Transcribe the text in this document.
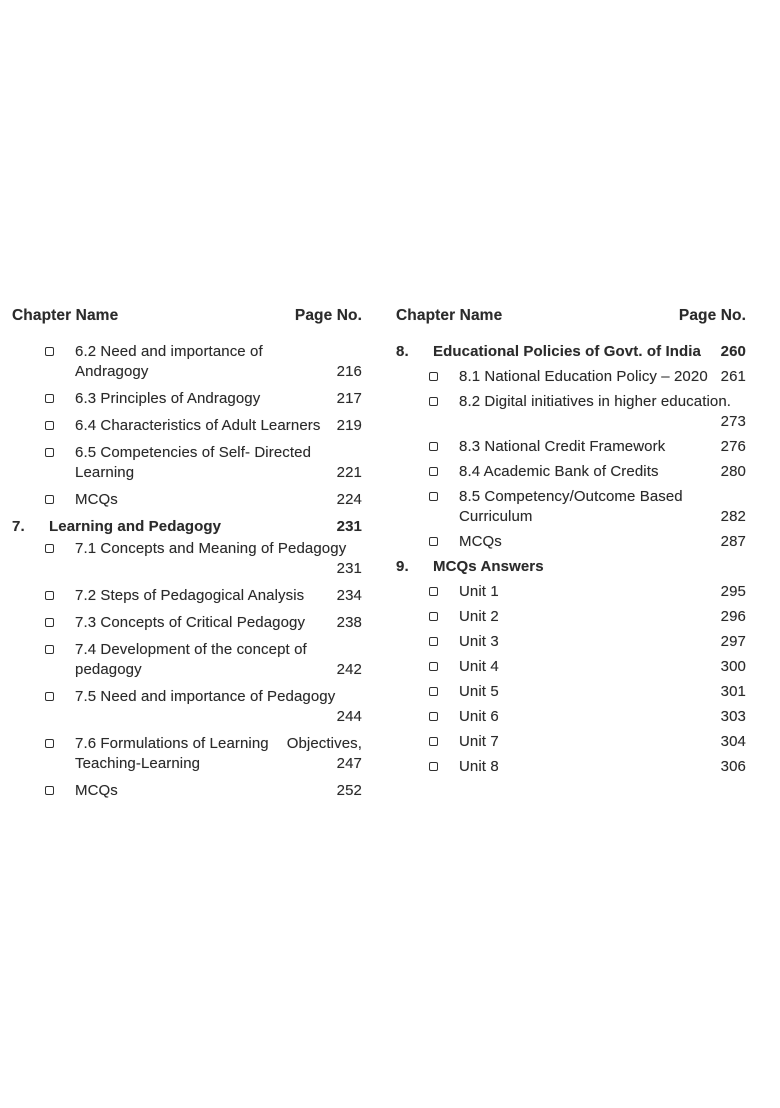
Chapter Name	Page No.
6.2 Need and importance of
Andragogy	216
6.3 Principles of Andragogy	217
6.4 Characteristics of Adult Learners 219
6.5 Competencies of Self- Directed
Learning	221
MCQs	224
7. Learning and Pedagogy	231
7.1 Concepts and Meaning of Pedagogy
231
7.2 Steps of Pedagogical Analysis 234
7.3 Concepts of Critical Pedagogy 238
7.4 Development of the concept of
pedagogy	242
7.5 Need and importance of Pedagogy
244
7.6 Formulations of Learning Objectives,
Teaching-Learning	247
MCQs	252
Chapter Name	Page No.
8. Educational Policies of Govt. of India 260
8.1 National Education Policy – 2020 261
8.2 Digital initiatives in higher education.
273
8.3 National Credit Framework	276
8.4 Academic Bank of Credits	280
8.5 Competency/Outcome Based
Curriculum	282
MCQs	287
9. MCQs Answers
Unit 1	295
Unit 2	296
Unit 3	297
Unit 4	300
Unit 5	301
Unit 6	303
Unit 7	304
Unit 8	306
